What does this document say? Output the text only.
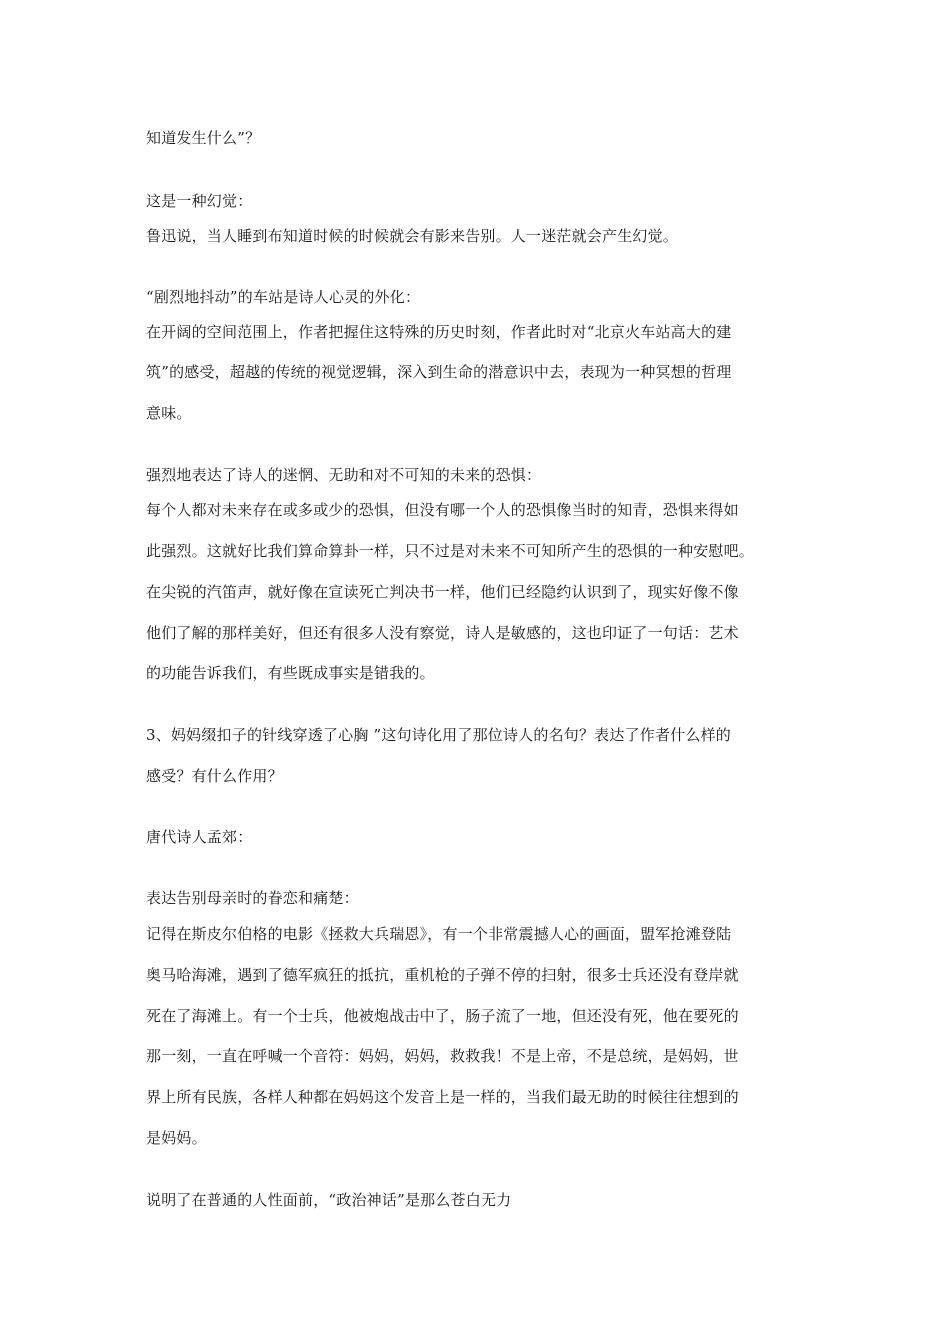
知道发生什么”？
这是一种幻觉：
鲁迅说，当人睡到布知道时候的时候就会有影来告别。人一迷茫就会产生幻觉。
“剧烈地抖动”的车站是诗人心灵的外化：
在开阔的空间范围上，作者把握住这特殊的历史时刻，作者此时对“北京火车站高大的建
筑”的感受，超越的传统的视觉逻辑，深入到生命的潜意识中去，表现为一种冥想的哲理
意味。
强烈地表达了诗人的迷惘、无助和对不可知的未来的恐惧：
每个人都对未来存在或多或少的恐惧，但没有哪一个人的恐惧像当时的知青，恐惧来得如
此强烈。这就好比我们算命算卦一样，只不过是对未来不可知所产生的恐惧的一种安慰吧。
在尖锐的汽笛声，就好像在宣读死亡判决书一样，他们已经隐约认识到了，现实好像不像
他们了解的那样美好，但还有很多人没有察觉，诗人是敏感的，这也印证了一句话：艺术
的功能告诉我们，有些既成事实是错我的。
3、妈妈缀扣子的针线穿透了心胸 ”这句诗化用了那位诗人的名句？表达了作者什么样的
感受？有什么作用？
唐代诗人孟郊：
表达告别母亲时的眷恋和痛楚：
记得在斯皮尔伯格的电影《拯救大兵瑞恩》，有一个非常震撼人心的画面，盟军抢滩登陆
奥马哈海滩，遇到了德军疯狂的抵抗，重机枪的子弹不停的扫射，很多士兵还没有登岸就
死在了海滩上。有一个士兵，他被炮战击中了，肠子流了一地，但还没有死，他在要死的
那一刻，一直在呼喊一个音符：妈妈，妈妈，救救我！不是上帝，不是总统，是妈妈，世
界上所有民族，各样人种都在妈妈这个发音上是一样的，当我们最无助的时候往往想到的
是妈妈。
说明了在普通的人性面前，“政治神话”是那么苍白无力
